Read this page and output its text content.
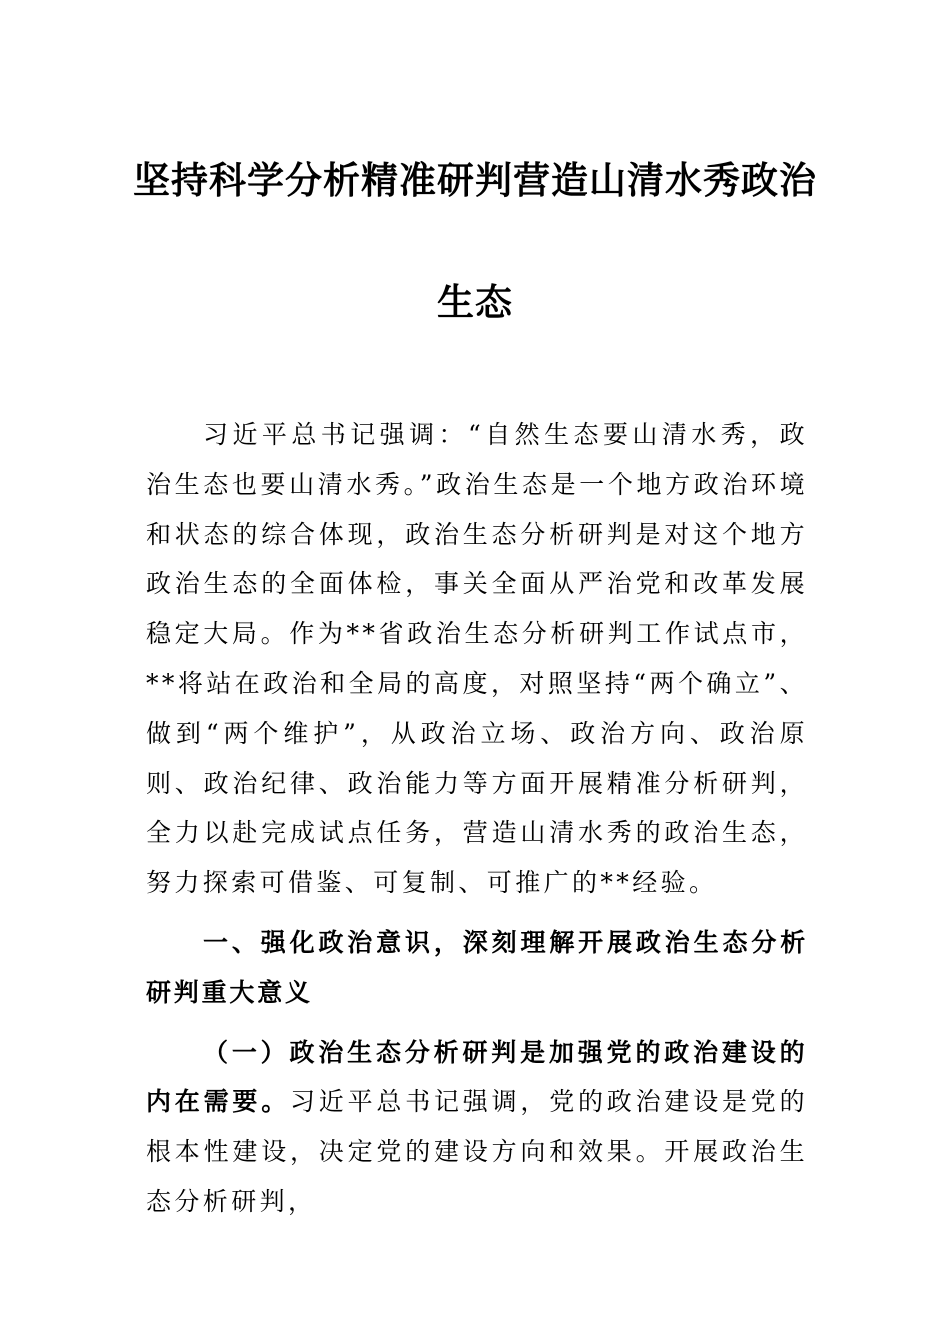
坚持科学分析精准研判营造山清水秀政治
生态

习近平总书记强调：“自然生态要山清水秀，政治生态也要山清水秀。”政治生态是一个地方政治环境和状态的综合体现，政治生态分析研判是对这个地方政治生态的全面体检，事关全面从严治党和改革发展稳定大局。作为**省政治生态分析研判工作试点市，**将站在政治和全局的高度，对照坚持“两个确立”、做到“两个维护”，从政治立场、政治方向、政治原则、政治纪律、政治能力等方面开展精准分析研判，全力以赴完成试点任务，营造山清水秀的政治生态，努力探索可借鉴、可复制、可推广的**经验。

一、强化政治意识，深刻理解开展政治生态分析研判重大意义

（一）政治生态分析研判是加强党的政治建设的内在需要。习近平总书记强调，党的政治建设是党的根本性建设，决定党的建设方向和效果。开展政治生态分析研判，
